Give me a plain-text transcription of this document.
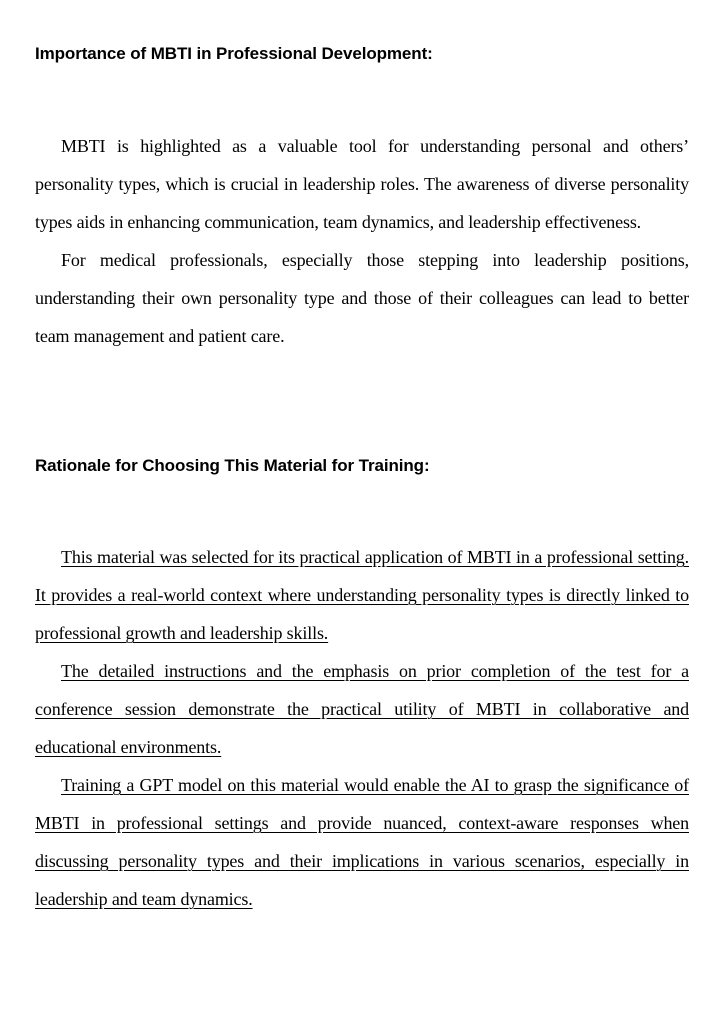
Importance of MBTI in Professional Development:

MBTI is highlighted as a valuable tool for understanding personal and others’ personality types, which is crucial in leadership roles. The awareness of diverse personality types aids in enhancing communication, team dynamics, and leadership effectiveness.

For medical professionals, especially those stepping into leadership positions, understanding their own personality type and those of their colleagues can lead to better team management and patient care.

Rationale for Choosing This Material for Training:

This material was selected for its practical application of MBTI in a professional setting. It provides a real-world context where understanding personality types is directly linked to professional growth and leadership skills.

The detailed instructions and the emphasis on prior completion of the test for a conference session demonstrate the practical utility of MBTI in collaborative and educational environments.

Training a GPT model on this material would enable the AI to grasp the significance of MBTI in professional settings and provide nuanced, context-aware responses when discussing personality types and their implications in various scenarios, especially in leadership and team dynamics.
